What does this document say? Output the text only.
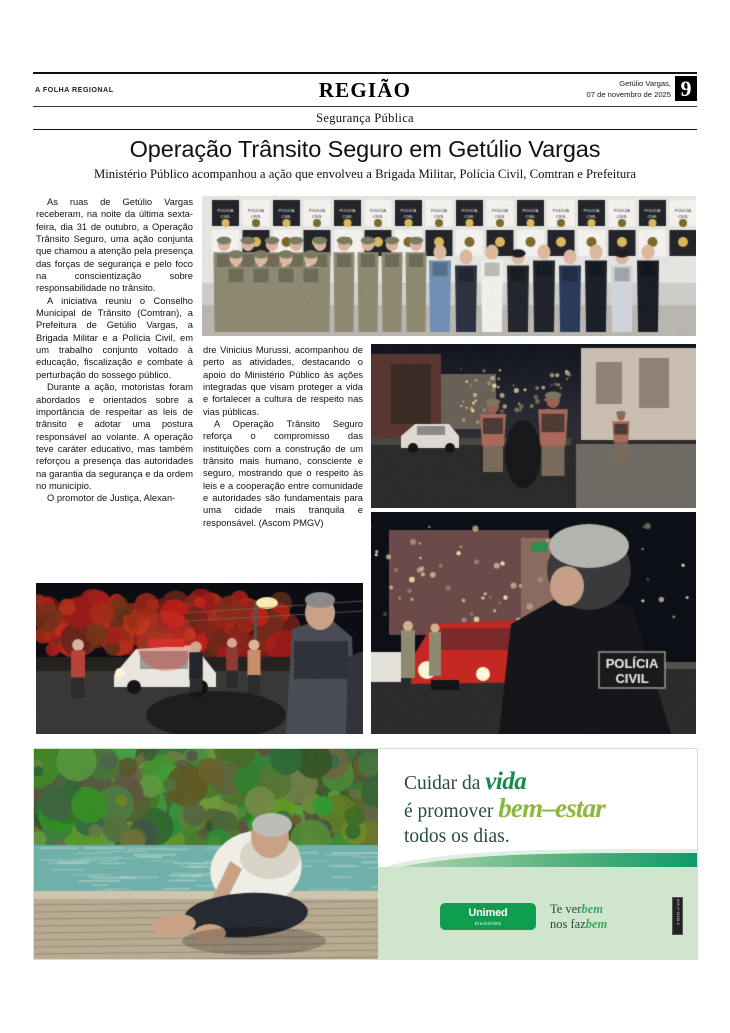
A FOLHA REGIONAL	REGIÃO	Getúlio Vargas,
07 de novembro de 2025 9
Segurança Pública
Operação Trânsito Seguro em Getúlio Vargas
Ministério Público acompanhou a ação que envolveu a Brigada Militar, Polícia Civil, Comtran e Prefeitura

As ruas de Getúlio Vargas receberam, na noite da última sexta-feira, dia 31 de outubro, a Operação Trânsito Seguro, uma ação conjunta que chamou a atenção pela presença das forças de segurança e pelo foco na conscientização sobre responsabilidade no trânsito.

A iniciativa reuniu o Conselho Municipal de Trânsito (Comtran), a Prefeitura de Getúlio Vargas, a Brigada Militar e a Polícia Civil, em um trabalho conjunto voltado à educação, fiscalização e combate à perturbação do sossego público.

Durante a ação, motoristas foram abordados e orientados sobre a importância de respeitar as leis de trânsito e adotar uma postura responsável ao volante. A operação teve caráter educativo, mas também reforçou a presença das autoridades na garantia da segurança e da ordem no município.

O promotor de Justiça, Alexan-

dre Vinicius Murussi, acompanhou de perto as atividades, destacando o apoio do Ministério Público às ações integradas que visam proteger a vida e fortalecer a cultura de respeito nas vias públicas.

A Operação Trânsito Seguro reforça o compromisso das instituições com a construção de um trânsito mais humano, consciente e seguro, mostrando que o respeito às leis e a cooperação entre comunidade e autoridades são fundamentais para uma cidade mais tranquila e responsável. (Ascom PMGV)

Cuidar da vida
é promover bem–estar
todos os dias.
Unimed
Erechim/RS
Te verbem
nos fazbem	ANS nº 31382-8
